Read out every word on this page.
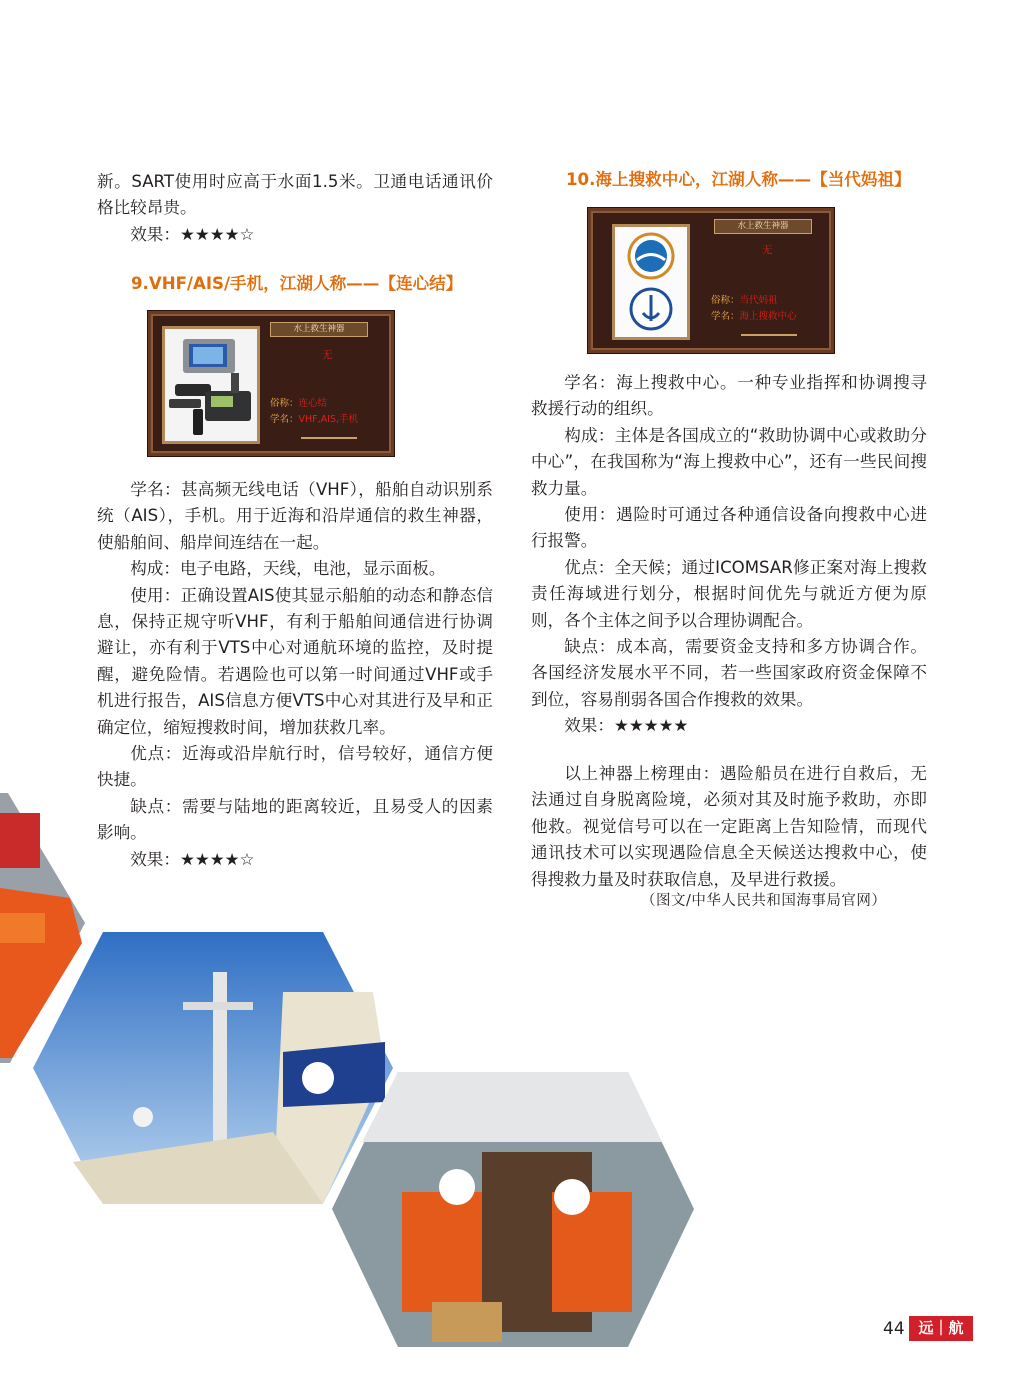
新。SART使用时应高于水面1.5米。卫通电话通讯价格比较昂贵。

效果：★★★★☆

9.VHF/AIS/手机，江湖人称——【连心结】
水上救生神器
无
俗称：连心结
学名：VHF,AIS,手机

学名：甚高频无线电话（VHF），船舶自动识别系统（AIS），手机。用于近海和沿岸通信的救生神器，使船舶间、船岸间连结在一起。

构成：电子电路，天线，电池，显示面板。

使用：正确设置AIS使其显示船舶的动态和静态信息，保持正规守听VHF，有利于船舶间通信进行协调避让，亦有利于VTS中心对通航环境的监控，及时提醒，避免险情。若遇险也可以第一时间通过VHF或手机进行报告，AIS信息方便VTS中心对其进行及早和正确定位，缩短搜救时间，增加获救几率。

优点：近海或沿岸航行时，信号较好，通信方便快捷。

缺点：需要与陆地的距离较近，且易受人的因素影响。

效果：★★★★☆

10.海上搜救中心，江湖人称——【当代妈祖】
水上救生神器
无
俗称：当代妈祖
学名：海上搜救中心

学名：海上搜救中心。一种专业指挥和协调搜寻救援行动的组织。

构成：主体是各国成立的“救助协调中心或救助分中心”，在我国称为“海上搜救中心”，还有一些民间搜救力量。

使用：遇险时可通过各种通信设备向搜救中心进行报警。

优点：全天候；通过ICOMSAR修正案对海上搜救责任海域进行划分，根据时间优先与就近方便为原则，各个主体之间予以合理协调配合。

缺点：成本高，需要资金支持和多方协调合作。各国经济发展水平不同，若一些国家政府资金保障不到位，容易削弱各国合作搜救的效果。

效果：★★★★★

以上神器上榜理由：遇险船员在进行自救后，无法通过自身脱离险境，必须对其及时施予救助，亦即他救。视觉信号可以在一定距离上告知险情，而现代通讯技术可以实现遇险信息全天候送达搜救中心，使得搜救力量及时获取信息，及早进行救援。

（图文/中华人民共和国海事局官网）
44 远｜航
